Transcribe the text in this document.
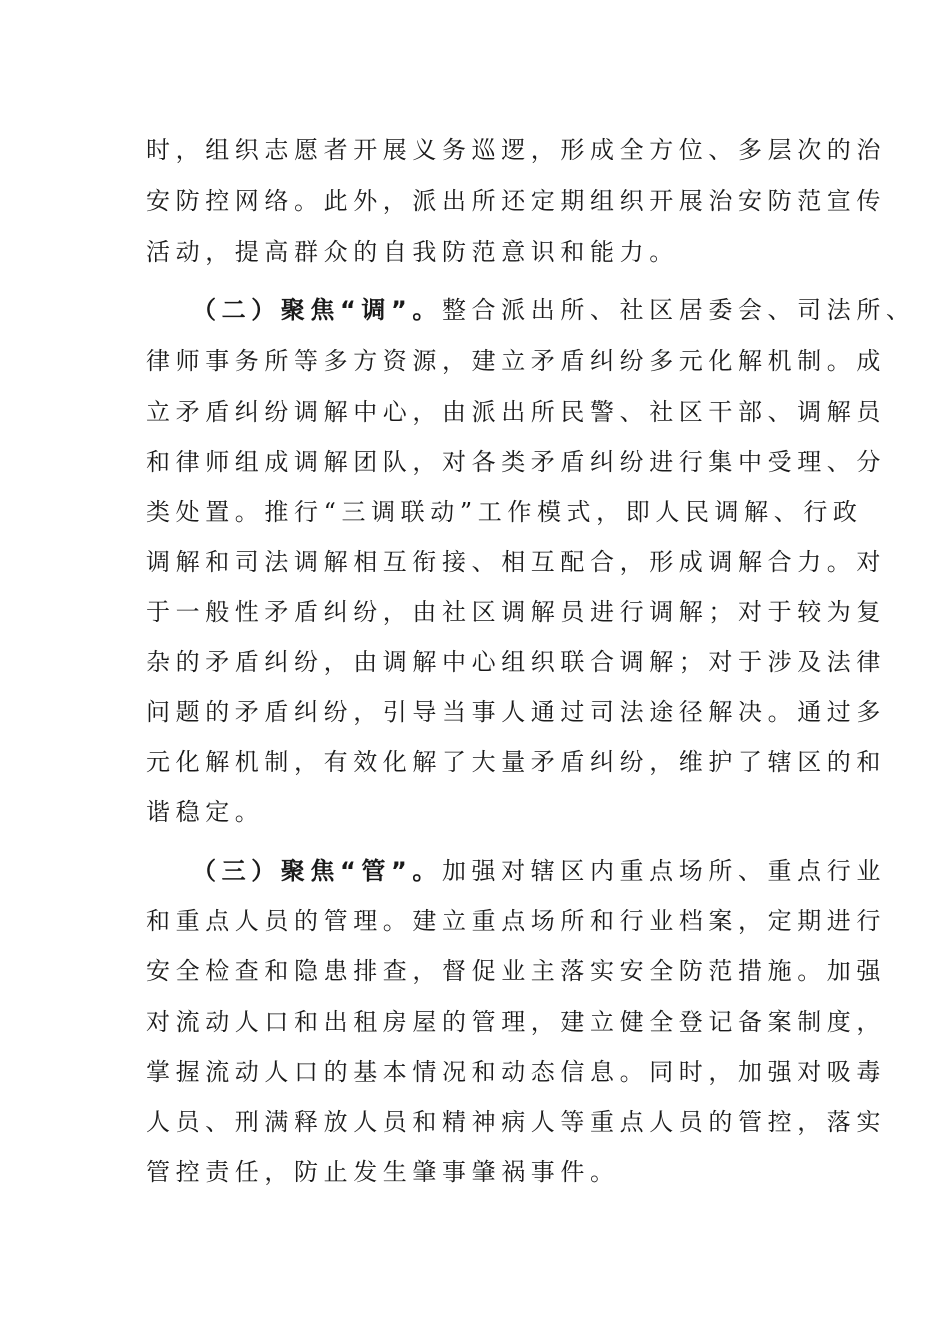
时，组织志愿者开展义务巡逻，形成全方位、多层次的治
安防控网络。此外，派出所还定期组织开展治安防范宣传
活动，提高群众的自我防范意识和能力。
（二）聚焦“调”。整合派出所、社区居委会、司法所、
律师事务所等多方资源，建立矛盾纠纷多元化解机制。成
立矛盾纠纷调解中心，由派出所民警、社区干部、调解员
和律师组成调解团队，对各类矛盾纠纷进行集中受理、分
类处置。推行“三调联动”工作模式，即人民调解、行政
调解和司法调解相互衔接、相互配合，形成调解合力。对
于一般性矛盾纠纷，由社区调解员进行调解；对于较为复
杂的矛盾纠纷，由调解中心组织联合调解；对于涉及法律
问题的矛盾纠纷，引导当事人通过司法途径解决。通过多
元化解机制，有效化解了大量矛盾纠纷，维护了辖区的和
谐稳定。
（三）聚焦“管”。加强对辖区内重点场所、重点行业
和重点人员的管理。建立重点场所和行业档案，定期进行
安全检查和隐患排查，督促业主落实安全防范措施。加强
对流动人口和出租房屋的管理，建立健全登记备案制度，
掌握流动人口的基本情况和动态信息。同时，加强对吸毒
人员、刑满释放人员和精神病人等重点人员的管控，落实
管控责任，防止发生肇事肇祸事件。
